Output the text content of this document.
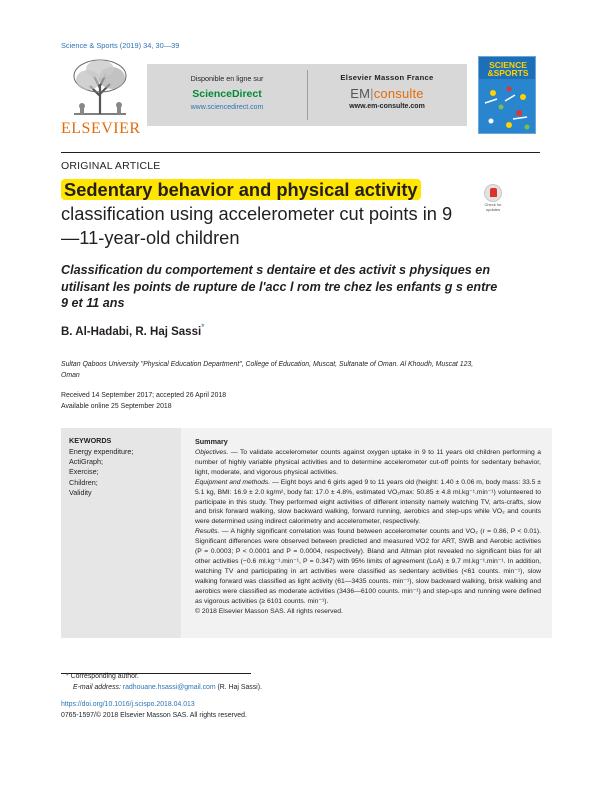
Science & Sports (2019) 34, 30—39
ELSEVIER
Disponible en ligne sur
ScienceDirect
www.sciencedirect.com
Elsevier Masson France
EM|consulte
www.em-consulte.com
SCIENCE
&SPORTS
ORIGINAL ARTICLE
Sedentary behavior and physical activity
classification using accelerometer cut points in 9—11-year-old children
Check for updates
Classification du comportement s dentaire et des activit s physiques en utilisant les points de rupture de l'acc l rom tre chez les enfants g s entre 9 et 11 ans
B. Al-Hadabi, R. Haj Sassi*
Sultan Qaboos University "Physical Education Department", College of Education, Muscat, Sultanate of Oman. Al Khoudh, Muscat 123, Oman
Received 14 September 2017; accepted 26 April 2018
Available online 25 September 2018
KEYWORDS
Energy expenditure;
ActiGraph;
Exercise;
Children;
Validity
Summary

Objectives. — To validate accelerometer counts against oxygen uptake in 9 to 11 years old children performing a number of highly variable physical activities and to determine accelerometer cut-off points for sedentary behavior, light, moderate, and vigorous physical activities.

Equipment and methods. — Eight boys and 6 girls aged 9 to 11 years old (height: 1.40 ± 0.06 m, body mass: 33.5 ± 5.1 kg, BMI: 16.9 ± 2.0 kg/m², body fat: 17.0 ± 4.8%, estimated VO₂max: 50.85 ± 4.8 ml.kg⁻¹.min⁻¹) volunteered to participate in this study. They performed eight activities of different intensity namely watching TV, arts-crafts, slow and brisk forward walking, slow backward walking, forward running, aerobics and step-ups while VO₂ and counts were determined using indirect calorimetry and accelerometer, respectively.

Results. — A highly significant correlation was found between accelerometer counts and VO₂ (r = 0.86, P < 0.01). Significant differences were observed between predicted and measured VO2 for ART, SWB and Aerobic activities (P = 0.0003; P < 0.0001 and P = 0.0004, respectively). Bland and Altman plot revealed no significant bias for all other activities (−0.6 ml.kg⁻¹.min⁻¹, P = 0.347) with 95% limits of agreement (LoA) ± 9.7 ml.kg⁻¹.min⁻¹. In addition, watching TV and participating in art activities were classified as sedentary activities (<61 counts. min⁻¹), slow walking forward was classified as light activity (61—3435 counts. min⁻¹), slow backward walking, brisk walking and aerobics were classified as moderate activities (3436—6100 counts. min⁻¹) and step-ups and running were defined as vigorous activities (≥ 6101 counts. min⁻¹).

© 2018 Elsevier Masson SAS. All rights reserved.

* Corresponding author.
E-mail address: radhouane.hsassi@gmail.com (R. Haj Sassi).
https://doi.org/10.1016/j.scispo.2018.04.013
0765-1597/© 2018 Elsevier Masson SAS. All rights reserved.
